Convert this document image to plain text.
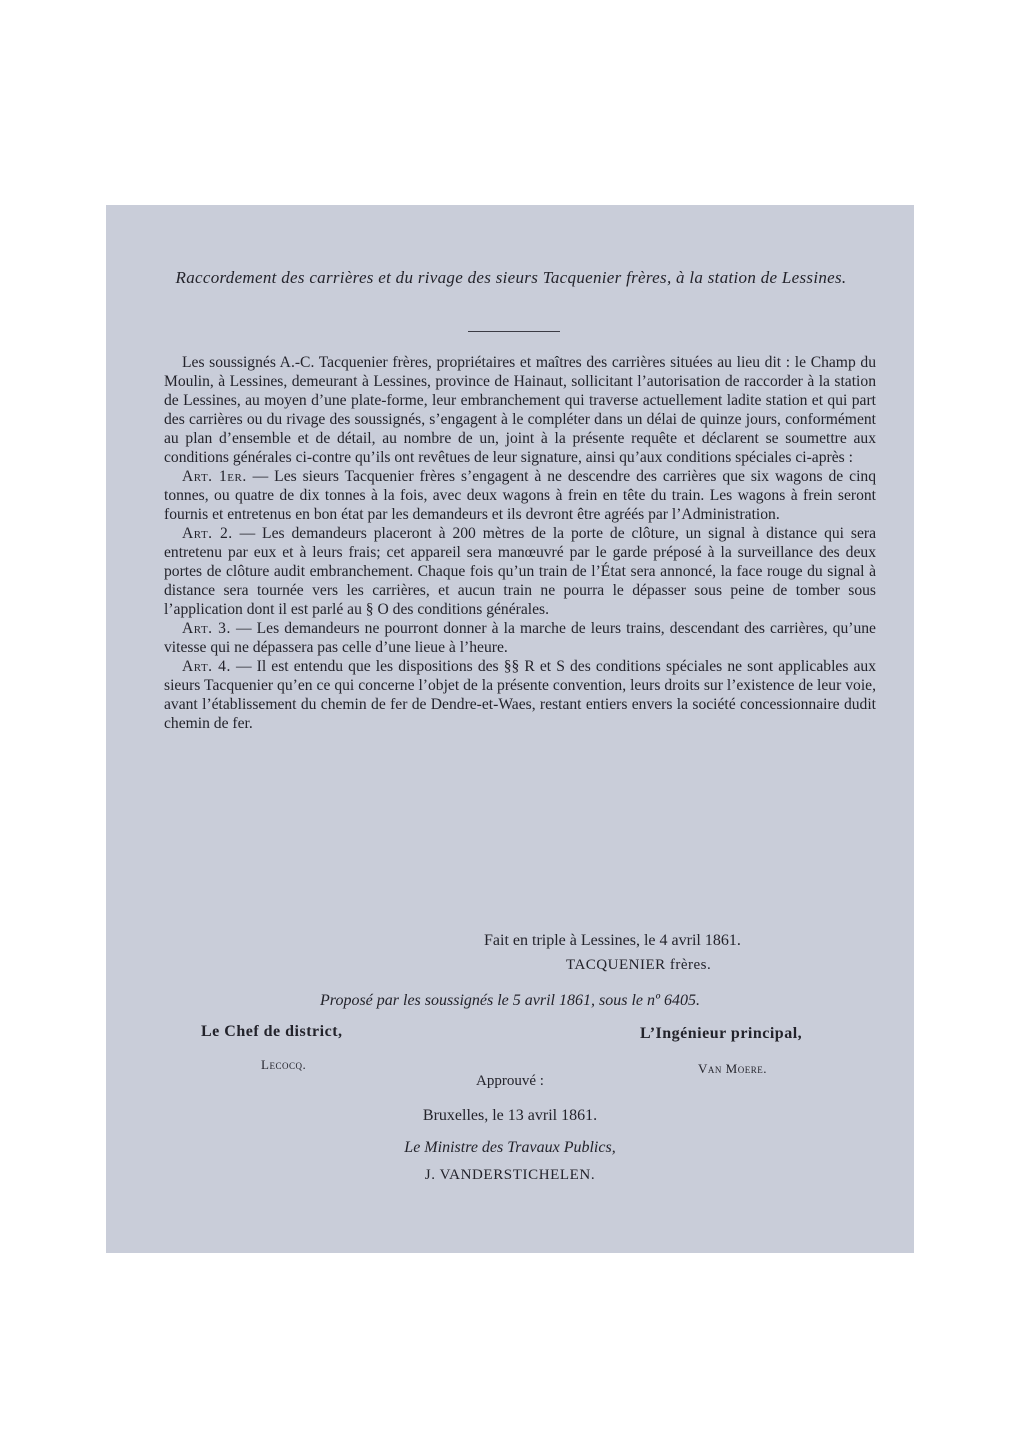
Raccordement des carrières et du rivage des sieurs Tacquenier frères, à la station de Lessines.

Les soussignés A.-C. Tacquenier frères, propriétaires et maîtres des carrières situées au lieu dit : le Champ du Moulin, à Lessines, demeurant à Lessines, province de Hainaut, sollicitant l’autorisation de raccorder à la station de Lessines, au moyen d’une plate-forme, leur embranchement qui traverse actuellement ladite station et qui part des carrières ou du rivage des soussignés, s’engagent à le compléter dans un délai de quinze jours, conformément au plan d’ensemble et de détail, au nombre de un, joint à la présente requête et déclarent se soumettre aux conditions générales ci-contre qu’ils ont revêtues de leur signature, ainsi qu’aux conditions spéciales ci-après :

Art. 1er. — Les sieurs Tacquenier frères s’engagent à ne descendre des carrières que six wagons de cinq tonnes, ou quatre de dix tonnes à la fois, avec deux wagons à frein en tête du train. Les wagons à frein seront fournis et entretenus en bon état par les demandeurs et ils devront être agréés par l’Administration.

Art. 2. — Les demandeurs placeront à 200 mètres de la porte de clôture, un signal à distance qui sera entretenu par eux et à leurs frais; cet appareil sera manœuvré par le garde préposé à la surveillance des deux portes de clôture audit embranchement. Chaque fois qu’un train de l’État sera annoncé, la face rouge du signal à distance sera tournée vers les carrières, et aucun train ne pourra le dépasser sous peine de tomber sous l’application dont il est parlé au § O des conditions générales.

Art. 3. — Les demandeurs ne pourront donner à la marche de leurs trains, descendant des carrières, qu’une vitesse qui ne dépassera pas celle d’une lieue à l’heure.

Art. 4. — Il est entendu que les dispositions des §§ R et S des conditions spéciales ne sont applicables aux sieurs Tacquenier qu’en ce qui concerne l’objet de la présente convention, leurs droits sur l’existence de leur voie, avant l’établissement du chemin de fer de Dendre-et-Waes, restant entiers envers la société concessionnaire dudit chemin de fer.

Fait en triple à Lessines, le 4 avril 1861.
TACQUENIER frères.
Proposé par les soussignés le 5 avril 1861, sous le nº 6405.
Le Chef de district,	L’Ingénieur principal,
Lecocq.	Van Moere.
Approuvé :
Bruxelles, le 13 avril 1861.
Le Ministre des Travaux Publics,
J. VANDERSTICHELEN.
